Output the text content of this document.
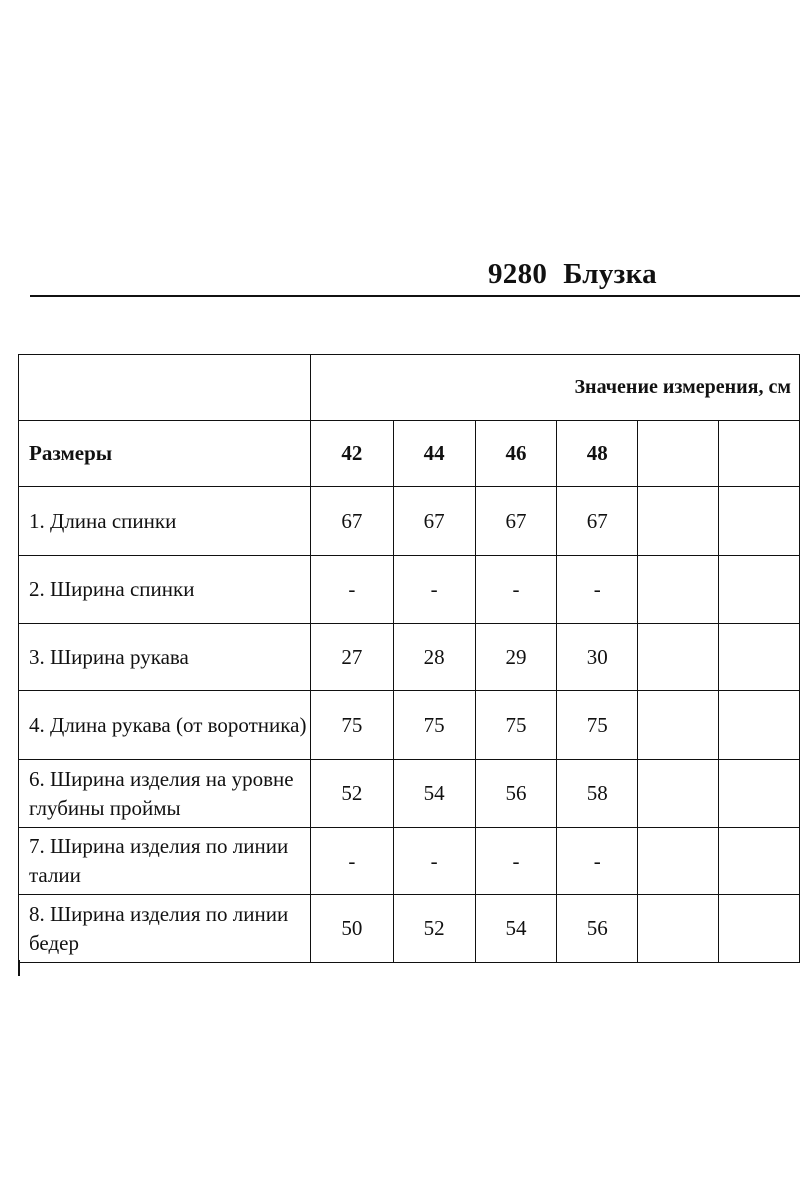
9280 Блузка

	Значение измерения, см					

Размеры	42	44	46	48		
1. Длина спинки	67	67	67	67		
2. Ширина спинки	-	-	-	-		
3. Ширина рукава	27	28	29	30		
4. Длина рукава (от воротника)	75	75	75	75		
6. Ширина изделия на уровне глубины проймы	52	54	56	58		
7. Ширина изделия по линии талии	-	-	-	-		
8. Ширина изделия по линии бедер	50	52	54	56		
